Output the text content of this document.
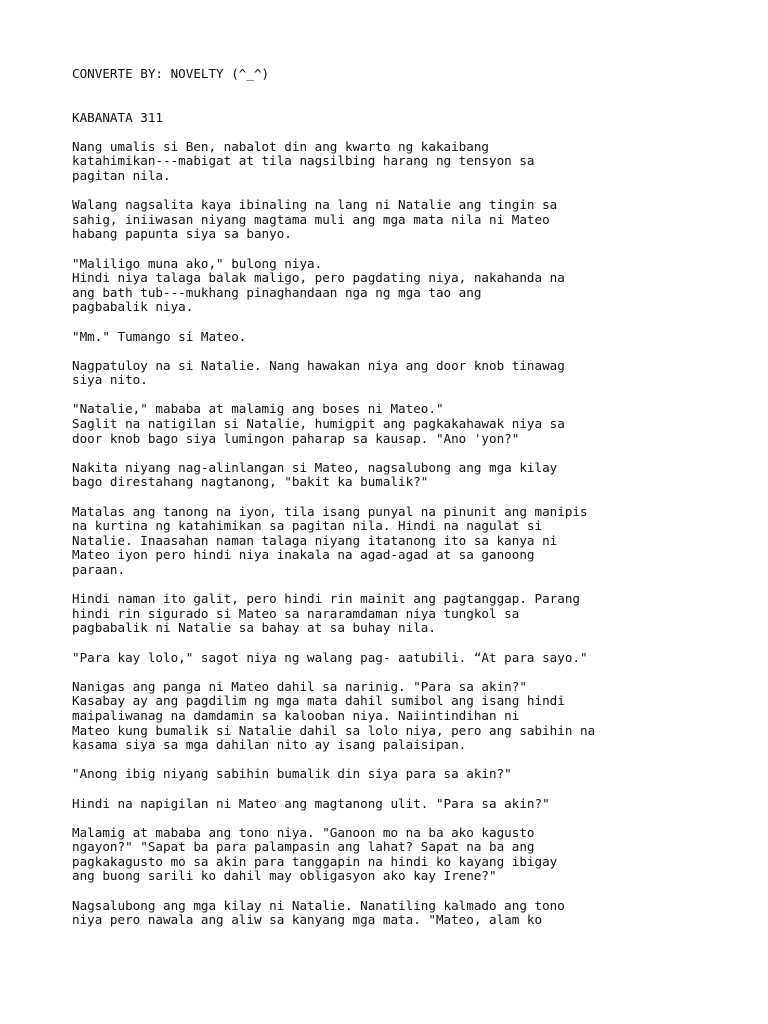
CONVERTE BY: NOVELTY (^_^)
KABANATA 311
Nang umalis si Ben, nabalot din ang kwarto ng kakaibang
katahimikan---mabigat at tila nagsilbing harang ng tensyon sa
pagitan nila.
Walang nagsalita kaya ibinaling na lang ni Natalie ang tingin sa
sahig, iniiwasan niyang magtama muli ang mga mata nila ni Mateo
habang papunta siya sa banyo.
"Maliligo muna ako," bulong niya.
Hindi niya talaga balak maligo, pero pagdating niya, nakahanda na
ang bath tub---mukhang pinaghandaan nga ng mga tao ang
pagbabalik niya.
"Mm." Tumango si Mateo.
Nagpatuloy na si Natalie. Nang hawakan niya ang door knob tinawag
siya nito.
"Natalie," mababa at malamig ang boses ni Mateo."
Saglit na natigilan si Natalie, humigpit ang pagkakahawak niya sa
door knob bago siya lumingon paharap sa kausap. "Ano 'yon?"
Nakita niyang nag-alinlangan si Mateo, nagsalubong ang mga kilay
bago direstahang nagtanong, "bakit ka bumalik?"
Matalas ang tanong na iyon, tila isang punyal na pinunit ang manipis
na kurtina ng katahimikan sa pagitan nila. Hindi na nagulat si
Natalie. Inaasahan naman talaga niyang itatanong ito sa kanya ni
Mateo iyon pero hindi niya inakala na agad-agad at sa ganoong
paraan.
Hindi naman ito galit, pero hindi rin mainit ang pagtanggap. Parang
hindi rin sigurado si Mateo sa nararamdaman niya tungkol sa
pagbabalik ni Natalie sa bahay at sa buhay nila.
"Para kay lolo," sagot niya ng walang pag- aatubili. “At para sayo."
Nanigas ang panga ni Mateo dahil sa narinig. "Para sa akin?"
Kasabay ay ang pagdilim ng mga mata dahil sumibol ang isang hindi
maipaliwanag na damdamin sa kalooban niya. Naiintindihan ni
Mateo kung bumalik si Natalie dahil sa lolo niya, pero ang sabihin na
kasama siya sa mga dahilan nito ay isang palaisipan.
"Anong ibig niyang sabihin bumalik din siya para sa akin?"
Hindi na napigilan ni Mateo ang magtanong ulit. "Para sa akin?"
Malamig at mababa ang tono niya. "Ganoon mo na ba ako kagusto
ngayon?" "Sapat ba para palampasin ang lahat? Sapat na ba ang
pagkakagusto mo sa akin para tanggapin na hindi ko kayang ibigay
ang buong sarili ko dahil may obligasyon ako kay Irene?"
Nagsalubong ang mga kilay ni Natalie. Nanatiling kalmado ang tono
niya pero nawala ang aliw sa kanyang mga mata. "Mateo, alam ko
